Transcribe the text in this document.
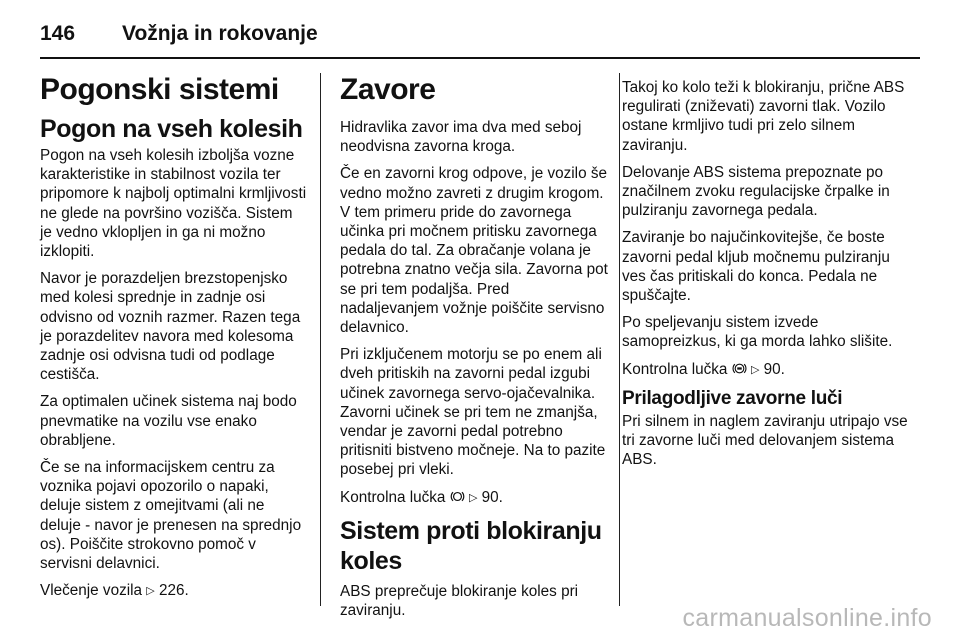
146	Vožnja in rokovanje
Pogonski sistemi
Pogon na vseh kolesih

Pogon na vseh kolesih izboljša vozne karakteristike in stabilnost vozila ter pripomore k najbolj optimalni krmljivosti ne glede na površino vozišča. Sistem je vedno vklopljen in ga ni možno izklopiti.

Navor je porazdeljen brezstopenjsko med kolesi sprednje in zadnje osi odvisno od voznih razmer. Razen tega je porazdelitev navora med kolesoma zadnje osi odvisna tudi od podlage cestišča.

Za optimalen učinek sistema naj bodo pnevmatike na vozilu vse enako obrabljene.

Če se na informacijskem centru za voznika pojavi opozorilo o napaki, deluje sistem z omejitvami (ali ne deluje - navor je prenesen na sprednjo os). Poiščite strokovno pomoč v servisni delavnici.

Vlečenje vozila ▷ 226.

Zavore

Hidravlika zavor ima dva med seboj neodvisna zavorna kroga.

Če en zavorni krog odpove, je vozilo še vedno možno zavreti z drugim krogom. V tem primeru pride do zavornega učinka pri močnem pritisku zavornega pedala do tal. Za obračanje volana je potrebna znatno večja sila. Zavorna pot se pri tem podaljša. Pred nadaljevanjem vožnje poiščite servisno delavnico.

Pri izključenem motorju se po enem ali dveh pritiskih na zavorni pedal izgubi učinek zavornega servo-ojačevalnika. Zavorni učinek se pri tem ne zmanjša, vendar je zavorni pedal potrebno pritisniti bistveno močneje. Na to pazite posebej pri vleki.

Kontrolna lučka ▷ 90.

Sistem proti blokiranju koles

ABS preprečuje blokiranje koles pri zaviranju.

Takoj ko kolo teži k blokiranju, prične ABS regulirati (zniževati) zavorni tlak. Vozilo ostane krmljivo tudi pri zelo silnem zaviranju.

Delovanje ABS sistema prepoznate po značilnem zvoku regulacijske črpalke in pulziranju zavornega pedala.

Zaviranje bo najučinkovitejše, če boste zavorni pedal kljub močnemu pulziranju ves čas pritiskali do konca. Pedala ne spuščajte.

Po speljevanju sistem izvede samopreizkus, ki ga morda lahko slišite.

Kontrolna lučka ▷ 90.

Prilagodljive zavorne luči

Pri silnem in naglem zaviranju utripajo vse tri zavorne luči med delovanjem sistema ABS.

carmanualsonline.info
